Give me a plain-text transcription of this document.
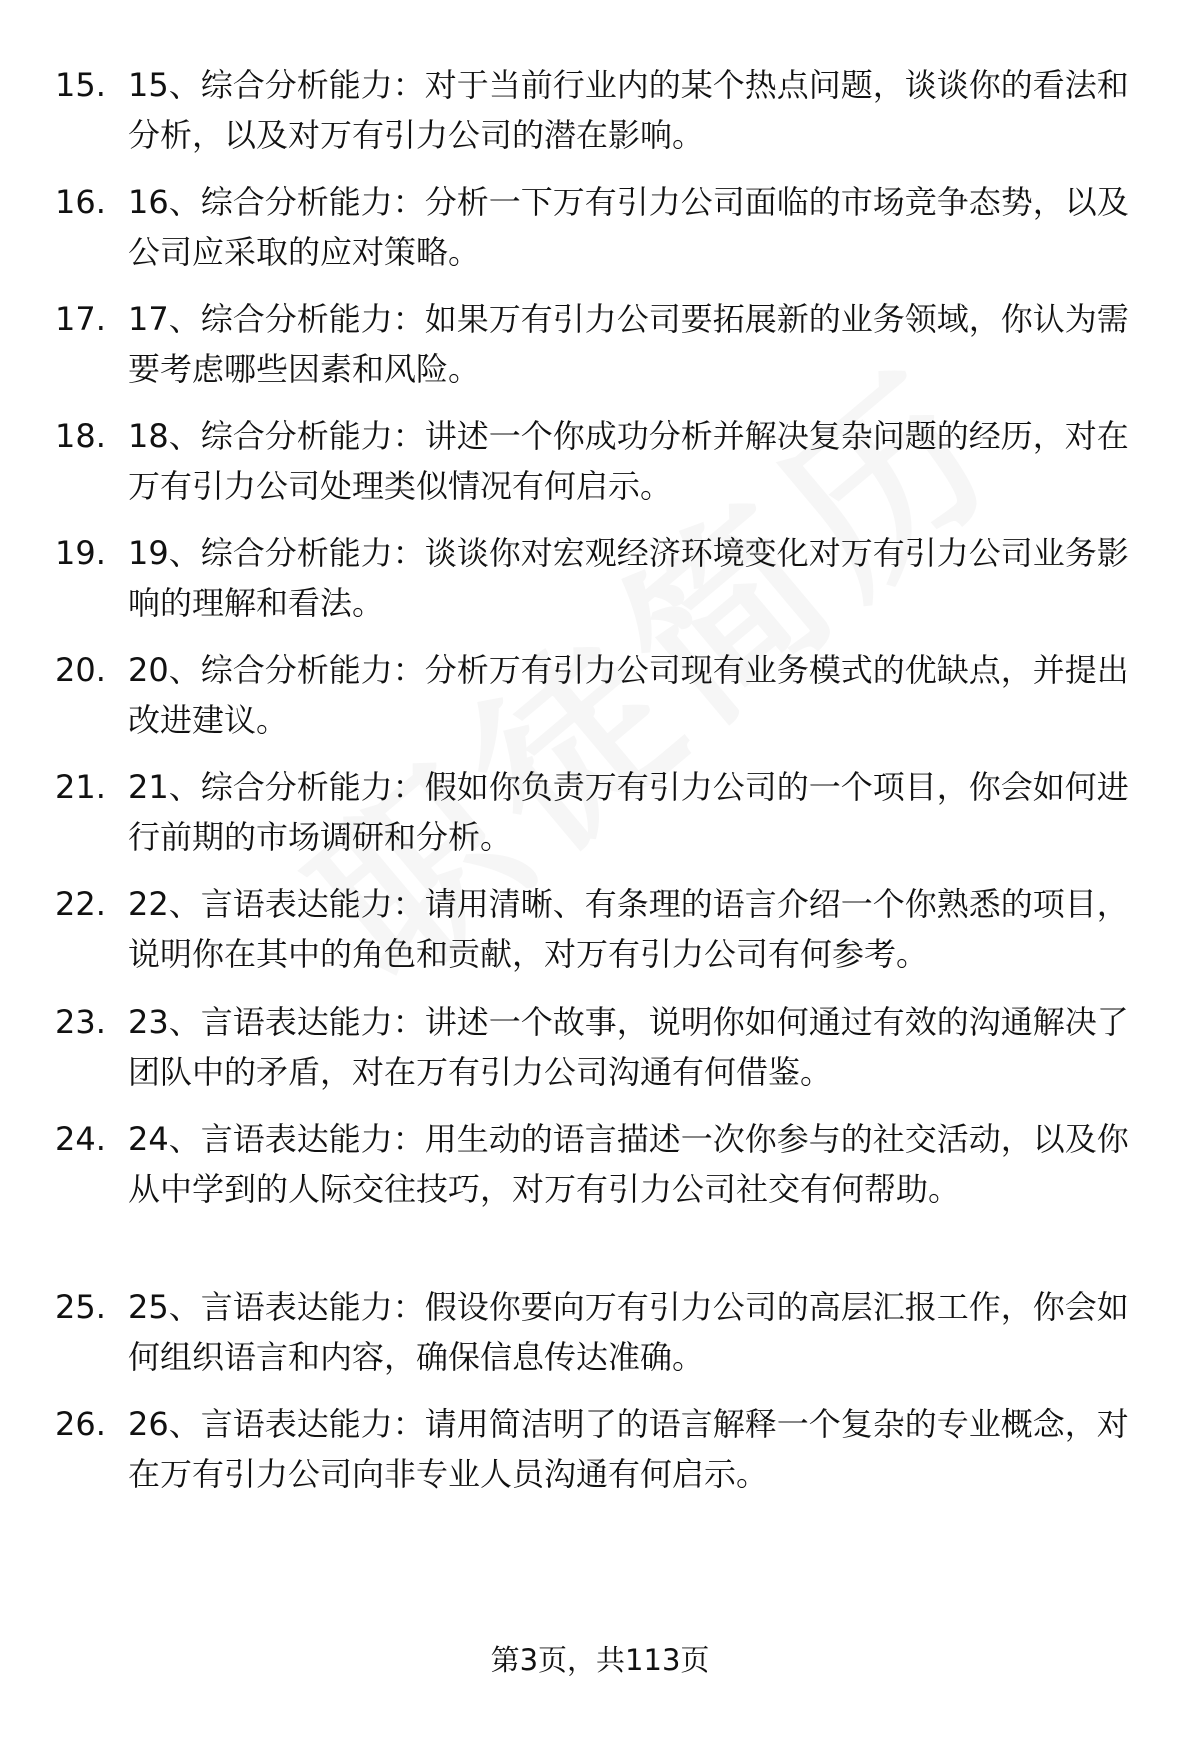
15. 15、综合分析能力：对于当前行业内的某个热点问题，谈谈你的看法和分析，以及对万有引力公司的潜在影响。
16. 16、综合分析能力：分析一下万有引力公司面临的市场竞争态势，以及公司应采取的应对策略。
17. 17、综合分析能力：如果万有引力公司要拓展新的业务领域，你认为需要考虑哪些因素和风险。
18. 18、综合分析能力：讲述一个你成功分析并解决复杂问题的经历，对在万有引力公司处理类似情况有何启示。
19. 19、综合分析能力：谈谈你对宏观经济环境变化对万有引力公司业务影响的理解和看法。
20. 20、综合分析能力：分析万有引力公司现有业务模式的优缺点，并提出改进建议。
21. 21、综合分析能力：假如你负责万有引力公司的一个项目，你会如何进行前期的市场调研和分析。
22. 22、言语表达能力：请用清晰、有条理的语言介绍一个你熟悉的项目，说明你在其中的角色和贡献，对万有引力公司有何参考。
23. 23、言语表达能力：讲述一个故事，说明你如何通过有效的沟通解决了团队中的矛盾，对在万有引力公司沟通有何借鉴。
24. 24、言语表达能力：用生动的语言描述一次你参与的社交活动，以及你从中学到的人际交往技巧，对万有引力公司社交有何帮助。
25. 25、言语表达能力：假设你要向万有引力公司的高层汇报工作，你会如何组织语言和内容，确保信息传达准确。
26. 26、言语表达能力：请用简洁明了的语言解释一个复杂的专业概念，对在万有引力公司向非专业人员沟通有何启示。
第3页，共113页
